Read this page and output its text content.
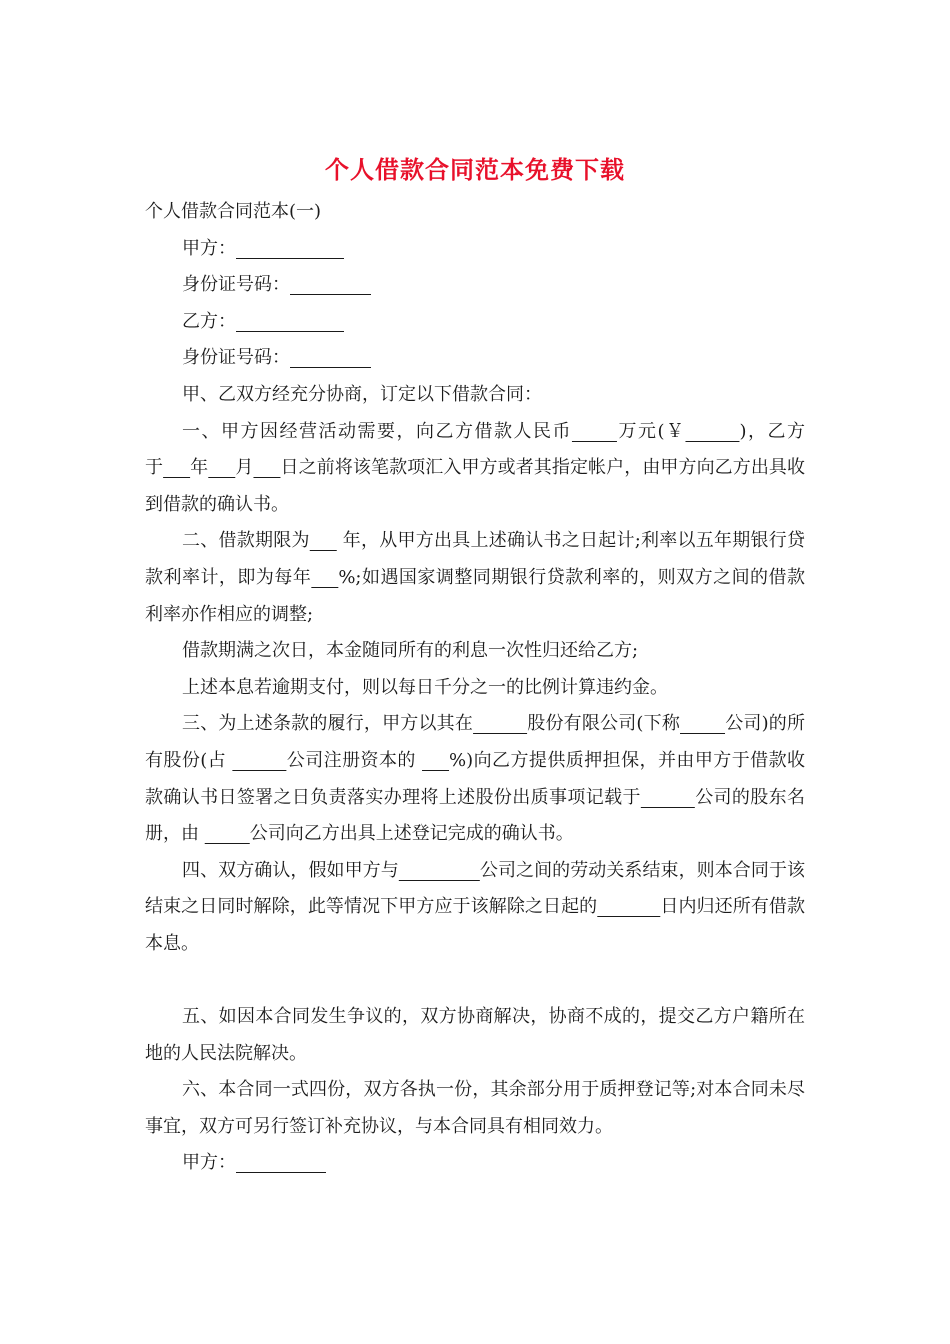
个人借款合同范本免费下载

个人借款合同范本(一)

甲方：            

身份证号码：         

乙方：            

身份证号码：         

甲、乙双方经充分协商，订定以下借款合同：

一、甲方因经营活动需要，向乙方借款人民币     	万元(￥      	)，乙方于    年    月    日之前将该笔款项汇入甲方或者其指定帐户，由甲方向乙方出具收到借款的确认书。

二、借款期限为    年，从甲方出具上述确认书之日起计;利率以五年期银行贷款利率计，即为每年    %;如遇国家调整同期银行贷款利率的，则双方之间的借款利率亦作相应的调整;

借款期满之次日，本金随同所有的利息一次性归还给乙方;

上述本息若逾期支付，则以每日千分之一的比例计算违约金。

三、为上述条款的履行，甲方以其在      	股份有限公司(下称     	公司)的所有股份(占       	公司注册资本的    %)向乙方提供质押担保，并由甲方于借款收款确认书日签署之日负责落实办理将上述股份出质事项记载于      	公司的股东名册，由      	公司向乙方出具上述登记完成的确认书。

四、双方确认，假如甲方与         	公司之间的劳动关系结束，则本合同于该结束之日同时解除，此等情况下甲方应于该解除之日起的       	日内归还所有借款本息。

五、如因本合同发生争议的，双方协商解决，协商不成的，提交乙方户籍所在地的人民法院解决。

六、本合同一式四份，双方各执一份，其余部分用于质押登记等;对本合同未尽事宜，双方可另行签订补充协议，与本合同具有相同效力。

甲方：          
